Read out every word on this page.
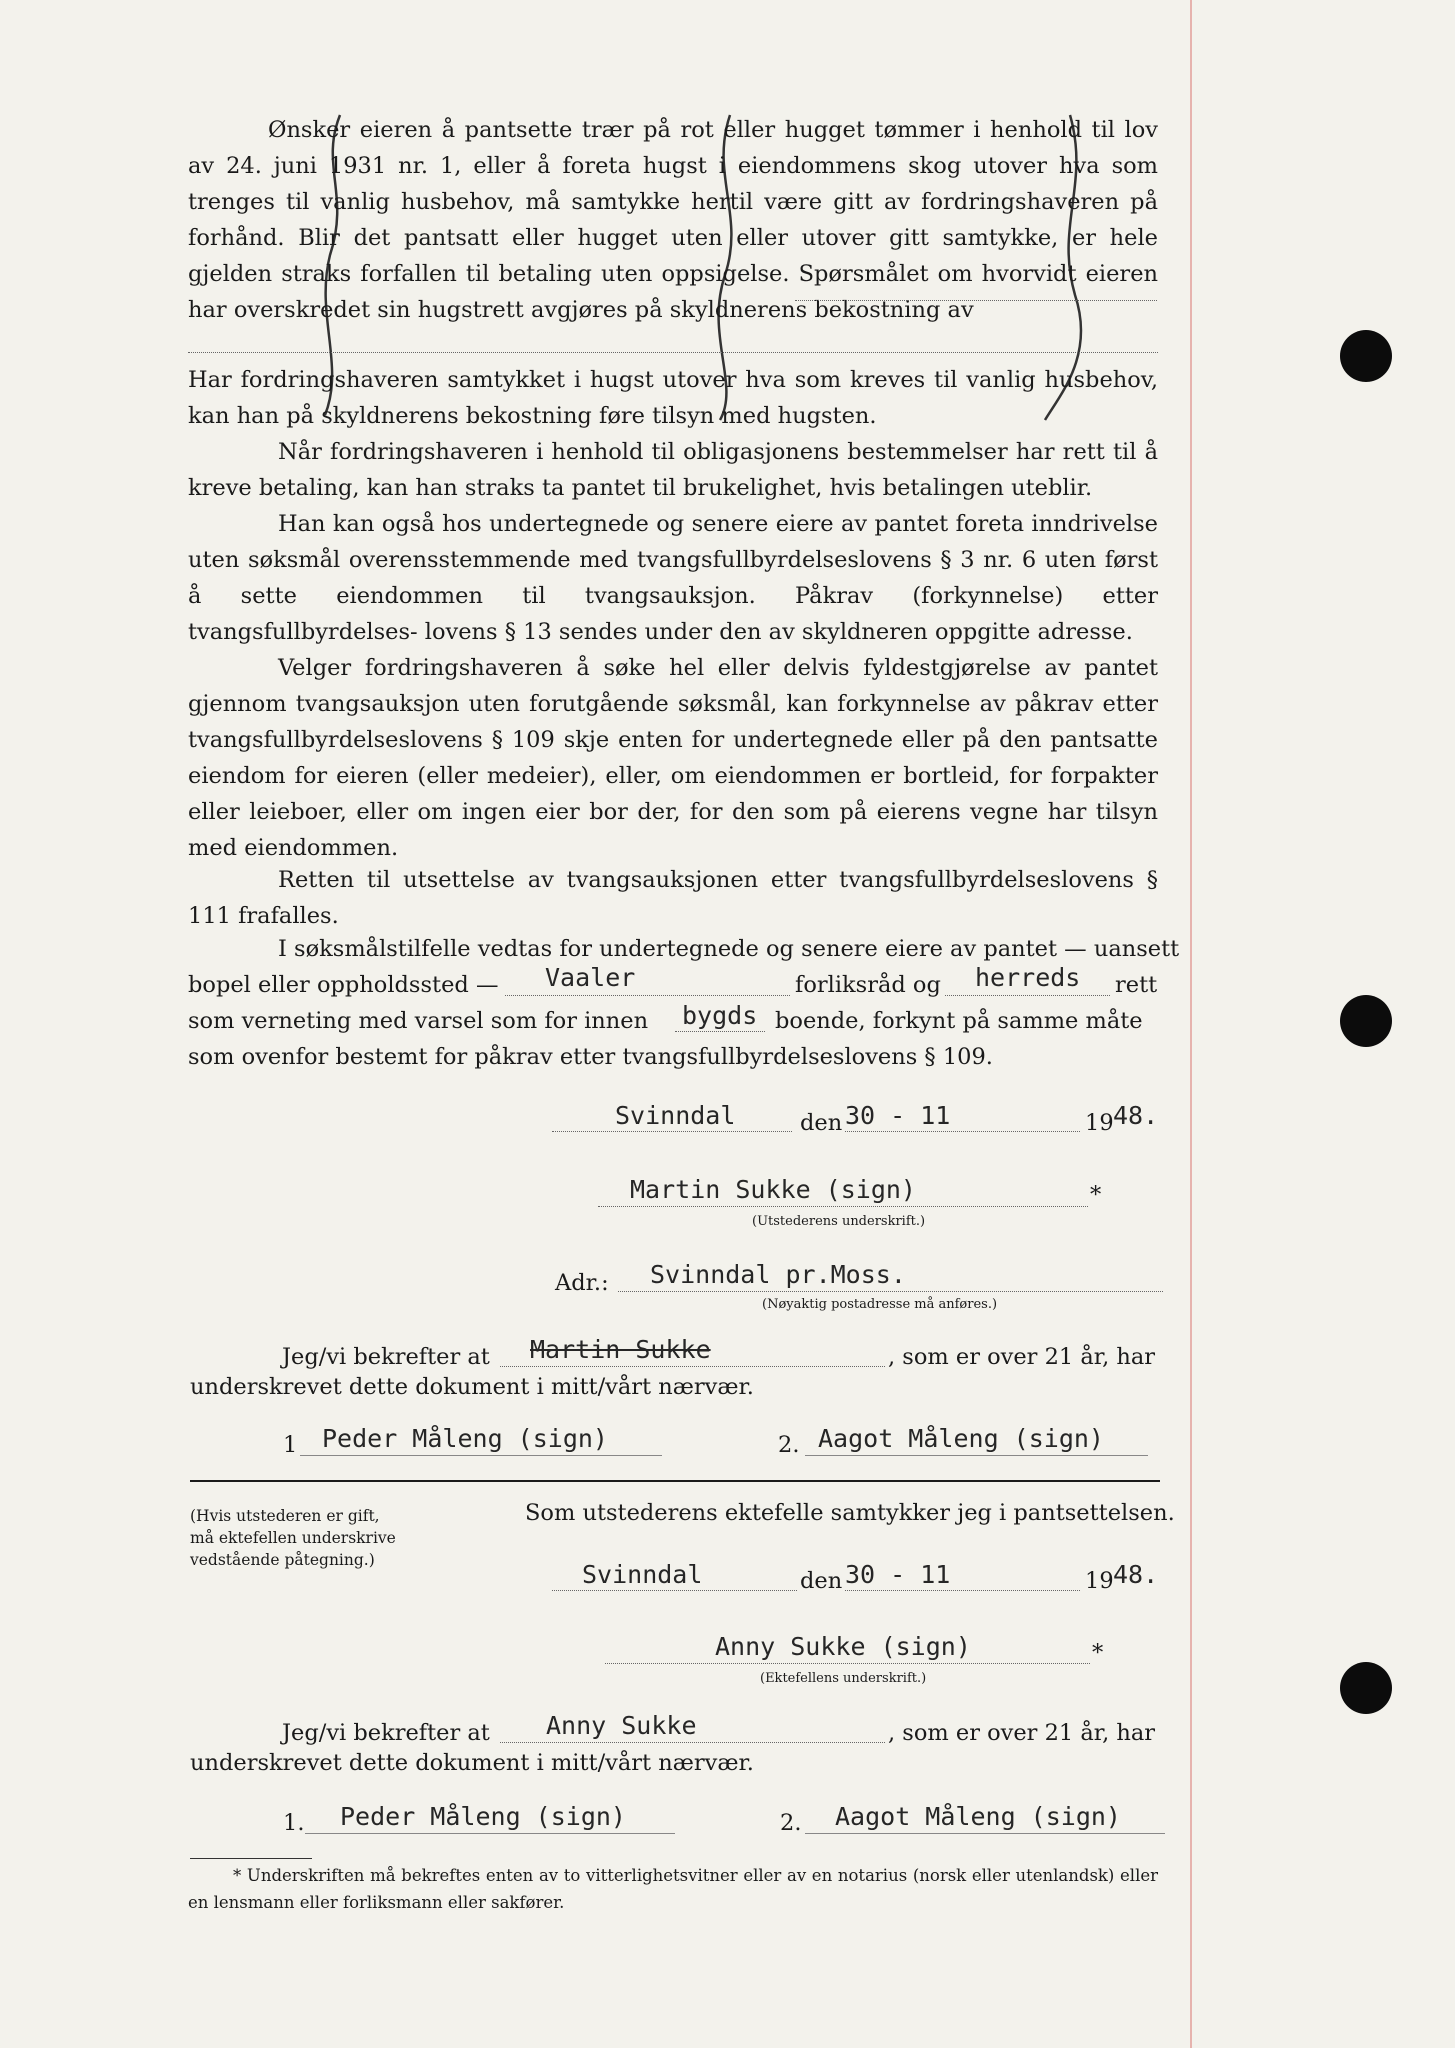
Ønsker eieren å pantsette trær på rot eller hugget tømmer i henhold til lov av 24. juni 1931 nr. 1, eller å foreta hugst i eiendommens skog utover hva som trenges til vanlig husbehov, må samtykke hertil være gitt av fordringshaveren på forhånd. Blir det pantsatt eller hugget uten eller utover gitt samtykke, er hele gjelden straks forfallen til betaling uten oppsigelse. Spørsmålet om hvorvidt eieren har overskredet sin hugstrett avgjøres på skyldnerens bekostning av
Har fordringshaveren samtykket i hugst utover hva som kreves til vanlig husbehov, kan han på skyldnerens bekostning føre tilsyn med hugsten.
Når fordringshaveren i henhold til obligasjonens bestemmelser har rett til å kreve betaling, kan han straks ta pantet til brukelighet, hvis betalingen uteblir.
Han kan også hos undertegnede og senere eiere av pantet foreta inndrivelse uten søksmål overensstemmende med tvangsfullbyrdelseslovens § 3 nr. 6 uten først å sette eiendommen til tvangsauksjon. Påkrav (forkynnelse) etter tvangsfullbyrdelses- lovens § 13 sendes under den av skyldneren oppgitte adresse.
Velger fordringshaveren å søke hel eller delvis fyldestgjørelse av pantet gjennom tvangsauksjon uten forutgående søksmål, kan forkynnelse av påkrav etter tvangsfullbyrdelseslovens § 109 skje enten for undertegnede eller på den pantsatte eiendom for eieren (eller medeier), eller, om eiendommen er bortleid, for forpakter eller leieboer, eller om ingen eier bor der, for den som på eierens vegne har tilsyn med eiendommen.
Retten til utsettelse av tvangsauksjonen etter tvangsfullbyrdelseslovens § 111 frafalles.
I søksmålstilfelle vedtas for undertegnede og senere eiere av pantet — uansett
bopel eller oppholdssted — Vaaler	forliksråd og herreds rett
som verneting med varsel som for innen bygds boende, forkynt på samme måte
som ovenfor bestemt for påkrav etter tvangsfullbyrdelseslovens § 109.
Svinndal	den 30 - 11	19 48.
Martin Sukke (sign)	*
(Utstederens underskrift.)
Adr.: Svinndal pr.Moss.
(Nøyaktig postadresse må anføres.)
Jeg/vi bekrefter at Martin Sukke	, som er over 21 år, har
underskrevet dette dokument i mitt/vårt nærvær.
1 Peder Måleng (sign)	2. Aagot Måleng (sign)
(Hvis utstederen er gift,
må ektefellen underskrive
vedstående påtegning.)
Som utstederens ektefelle samtykker jeg i pantsettelsen.
Svinndal	den 30 - 11	19 48.
Anny Sukke (sign)	*
(Ektefellens underskrift.)
Jeg/vi bekrefter at Anny Sukke	, som er over 21 år, har
underskrevet dette dokument i mitt/vårt nærvær.
1. Peder Måleng (sign)	2. Aagot Måleng (sign)
* Underskriften må bekreftes enten av to vitterlighetsvitner eller av en notarius (norsk eller utenlandsk) eller en lensmann eller forliksmann eller sakfører.
